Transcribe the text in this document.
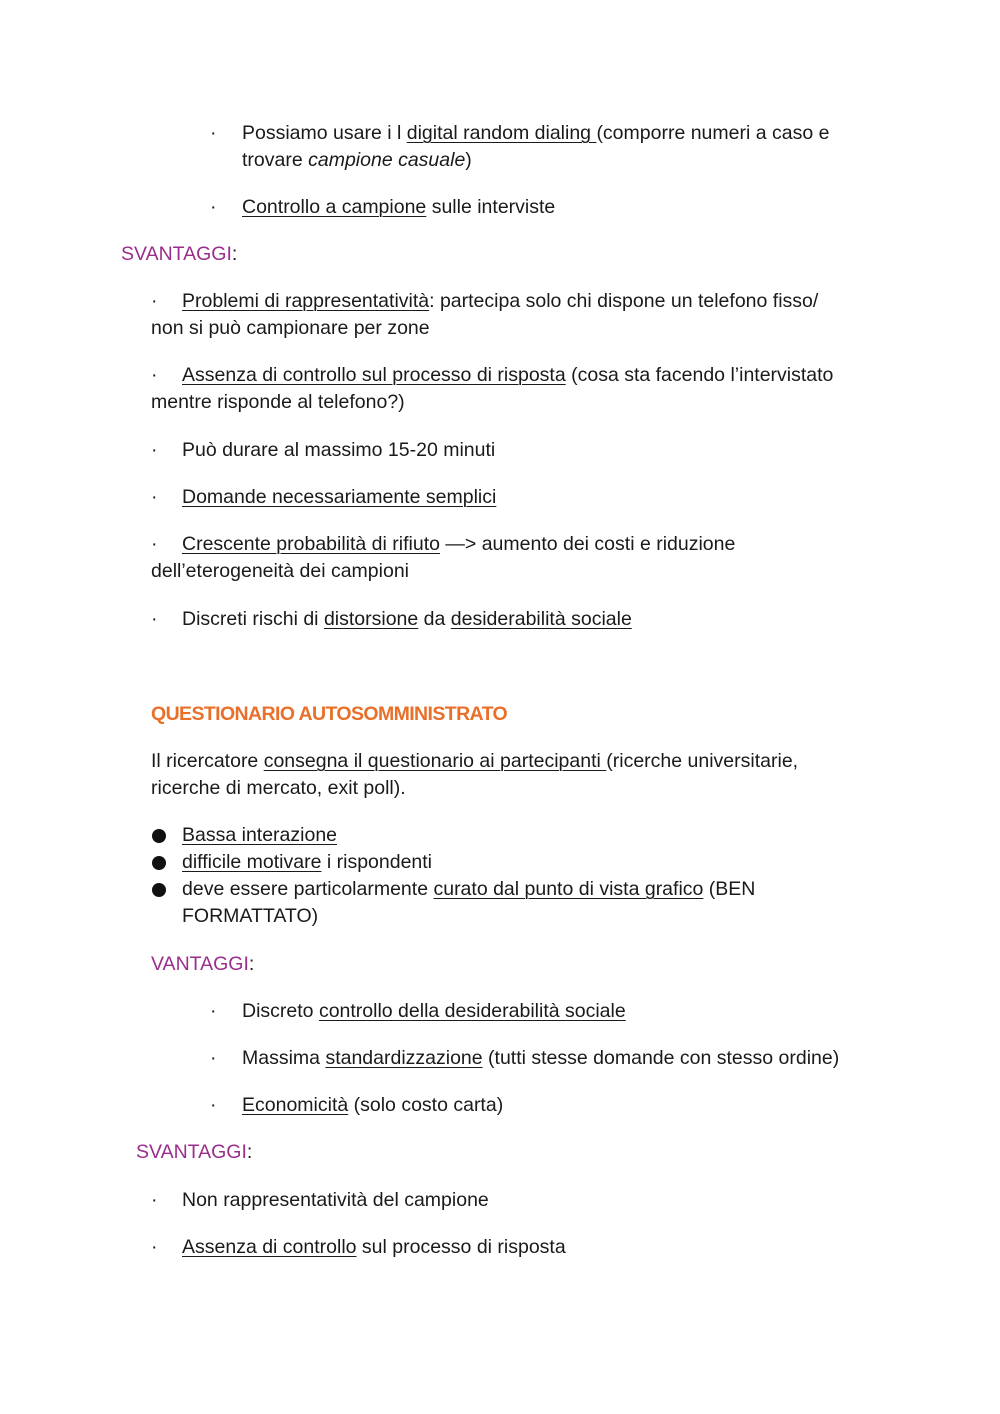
· Possiamo usare i l digital random dialing (comporre numeri a caso e
trovare campione casuale)
· Controllo a campione sulle interviste
SVANTAGGI:
· Problemi di rappresentatività: partecipa solo chi dispone un telefono fisso/
non si può campionare per zone
· Assenza di controllo sul processo di risposta (cosa sta facendo l’intervistato
mentre risponde al telefono?)
· Può durare al massimo 15-20 minuti
· Domande necessariamente semplici
· Crescente probabilità di rifiuto —> aumento dei costi e riduzione
dell’eterogeneità dei campioni
· Discreti rischi di distorsione da desiderabilità sociale
QUESTIONARIO AUTOSOMMINISTRATO
Il ricercatore consegna il questionario ai partecipanti (ricerche universitarie,
ricerche di mercato, exit poll).
Bassa interazione
difficile motivare i rispondenti
deve essere particolarmente curato dal punto di vista grafico (BEN
FORMATTATO)
VANTAGGI:
· Discreto controllo della desiderabilità sociale
· Massima standardizzazione (tutti stesse domande con stesso ordine)
· Economicità (solo costo carta)
SVANTAGGI:
· Non rappresentatività del campione
· Assenza di controllo sul processo di risposta
